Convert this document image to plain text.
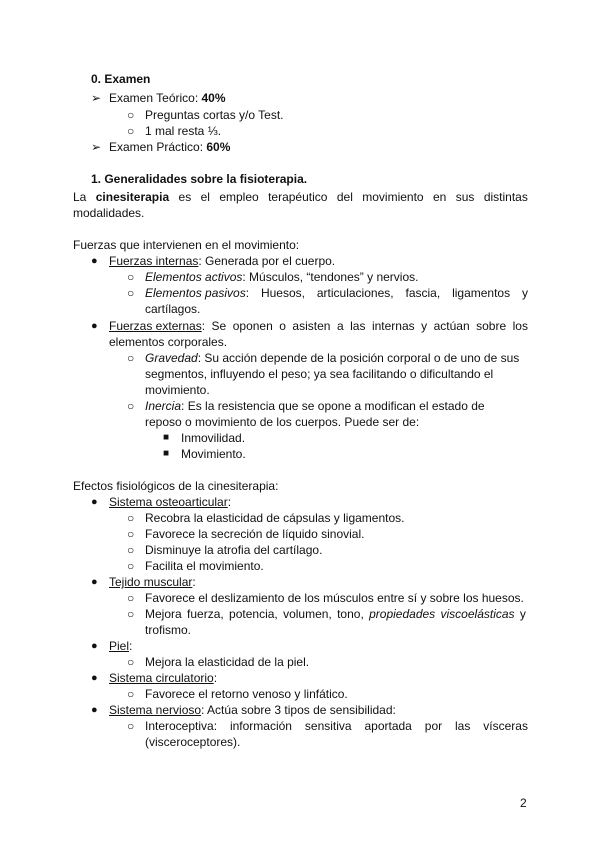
0. Examen
➢ Examen Teórico: 40%
○ Preguntas cortas y/o Test.
○ 1 mal resta ⅓.
➢ Examen Práctico: 60%
1. Generalidades sobre la fisioterapia.
La cinesiterapia es el empleo terapéutico del movimiento en sus distintas
modalidades.
Fuerzas que intervienen en el movimiento:
● Fuerzas internas: Generada por el cuerpo.
○ Elementos activos: Músculos, “tendones” y nervios.
○ Elementos pasivos: Huesos, articulaciones, fascia, ligamentos y
cartílagos.
● Fuerzas externas: Se oponen o asisten a las internas y actúan sobre los
elementos corporales.
○ Gravedad: Su acción depende de la posición corporal o de uno de sus
segmentos, influyendo el peso; ya sea facilitando o dificultando el
movimiento.
○ Inercia: Es la resistencia que se opone a modifican el estado de
reposo o movimiento de los cuerpos. Puede ser de:
■ Inmovilidad.
■ Movimiento.
Efectos fisiológicos de la cinesiterapia:
● Sistema osteoarticular:
○ Recobra la elasticidad de cápsulas y ligamentos.
○ Favorece la secreción de líquido sinovial.
○ Disminuye la atrofia del cartílago.
○ Facilita el movimiento.
● Tejido muscular:
○ Favorece el deslizamiento de los músculos entre sí y sobre los huesos.
○ Mejora fuerza, potencia, volumen, tono, propiedades viscoelásticas y
trofismo.
● Piel:
○ Mejora la elasticidad de la piel.
● Sistema circulatorio:
○ Favorece el retorno venoso y linfático.
● Sistema nervioso: Actúa sobre 3 tipos de sensibilidad:
○ Interoceptiva: información sensitiva aportada por las vísceras
(visceroceptores).
2
